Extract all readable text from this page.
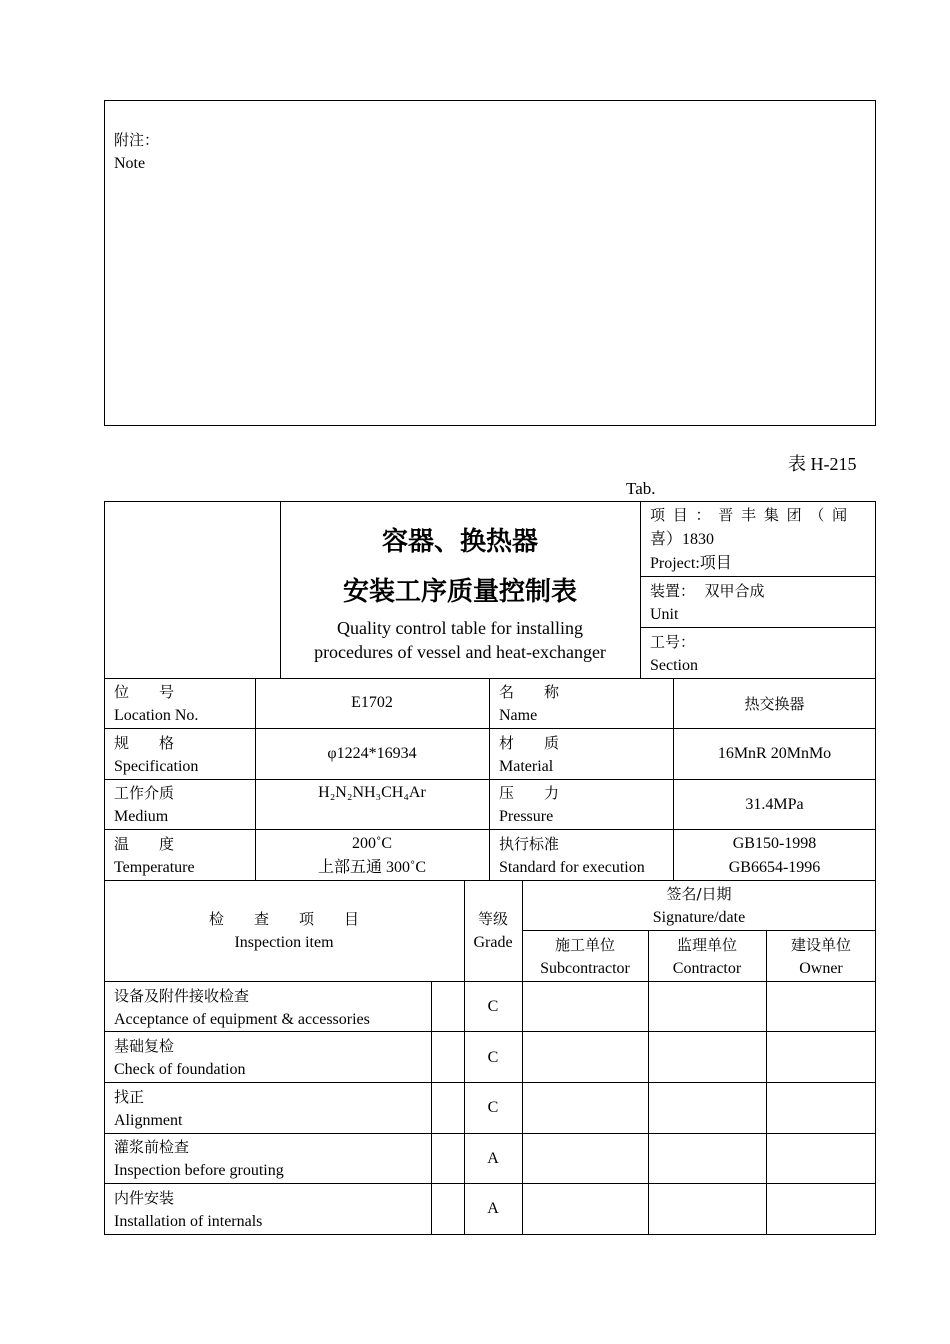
附注：
Note
表 H-215
Tab.
容器、换热器
安装工序质量控制表
Quality control table for installing
procedures of vessel and heat-exchanger
项 目 ： 晋 丰 集 团 （ 闻
喜）1830
Project:项目
装置：  双甲合成
Unit
工号：
Section
位　　号
Location No.
E1702
名　　称
Name
热交换器
规　　格
Specification
φ1224*16934
材　　质
Material
16MnR 20MnMo
工作介质
Medium
H₂N₂NH₃CH₄Ar	压　　力
Pressure
31.4MPa
温　　度
Temperature
200˚C
上部五通 300˚C
执行标准
Standard for execution
GB150-1998
GB6654-1996
检　　查　　项　　目
Inspection item
等级
Grade
签名/日期
Signature/date
施工单位
Subcontractor
监理单位
Contractor
建设单位
Owner
设备及附件接收检查
Acceptance of equipment & accessories
C
基础复检
Check of foundation
C
找正
Alignment
C
灌浆前检查
Inspection before grouting
A
内件安装
Installation of internals
A
